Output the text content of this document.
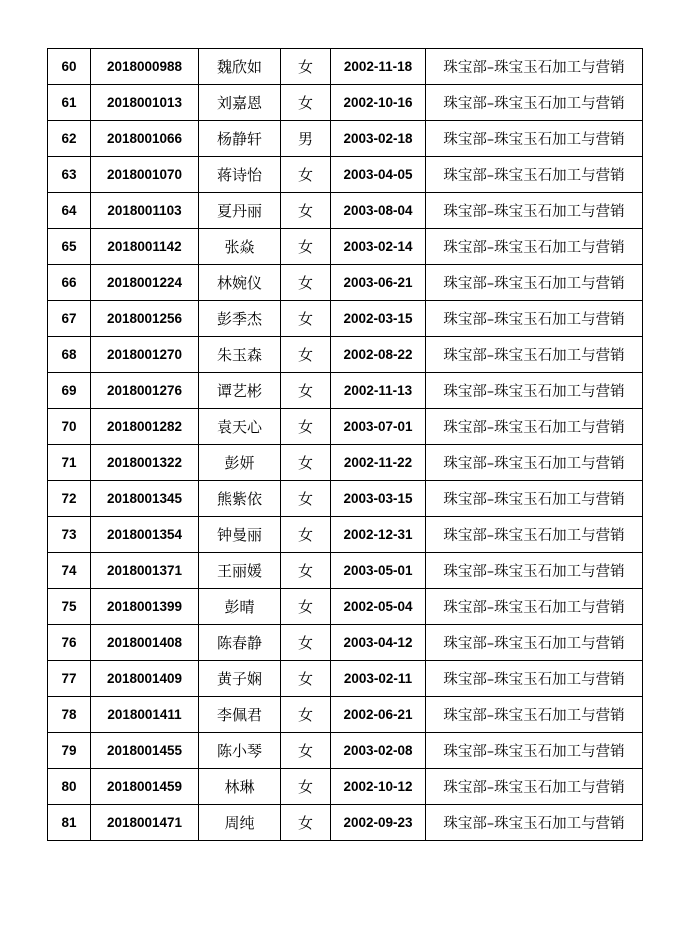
60	2018000988	魏欣如	女	2002-11-18	珠宝部–珠宝玉石加工与营销
61	2018001013	刘嘉恩	女	2002-10-16	珠宝部–珠宝玉石加工与营销
62	2018001066	杨静轩	男	2003-02-18	珠宝部–珠宝玉石加工与营销
63	2018001070	蒋诗怡	女	2003-04-05	珠宝部–珠宝玉石加工与营销
64	2018001103	夏丹丽	女	2003-08-04	珠宝部–珠宝玉石加工与营销
65	2018001142	张焱	女	2003-02-14	珠宝部–珠宝玉石加工与营销
66	2018001224	林婉仪	女	2003-06-21	珠宝部–珠宝玉石加工与营销
67	2018001256	彭季杰	女	2002-03-15	珠宝部–珠宝玉石加工与营销
68	2018001270	朱玉森	女	2002-08-22	珠宝部–珠宝玉石加工与营销
69	2018001276	谭艺彬	女	2002-11-13	珠宝部–珠宝玉石加工与营销
70	2018001282	袁天心	女	2003-07-01	珠宝部–珠宝玉石加工与营销
71	2018001322	彭妍	女	2002-11-22	珠宝部–珠宝玉石加工与营销
72	2018001345	熊紫依	女	2003-03-15	珠宝部–珠宝玉石加工与营销
73	2018001354	钟曼丽	女	2002-12-31	珠宝部–珠宝玉石加工与营销
74	2018001371	王丽媛	女	2003-05-01	珠宝部–珠宝玉石加工与营销
75	2018001399	彭晴	女	2002-05-04	珠宝部–珠宝玉石加工与营销
76	2018001408	陈春静	女	2003-04-12	珠宝部–珠宝玉石加工与营销
77	2018001409	黄子娴	女	2003-02-11	珠宝部–珠宝玉石加工与营销
78	2018001411	李佩君	女	2002-06-21	珠宝部–珠宝玉石加工与营销
79	2018001455	陈小琴	女	2003-02-08	珠宝部–珠宝玉石加工与营销
80	2018001459	林琳	女	2002-10-12	珠宝部–珠宝玉石加工与营销
81	2018001471	周纯	女	2002-09-23	珠宝部–珠宝玉石加工与营销
